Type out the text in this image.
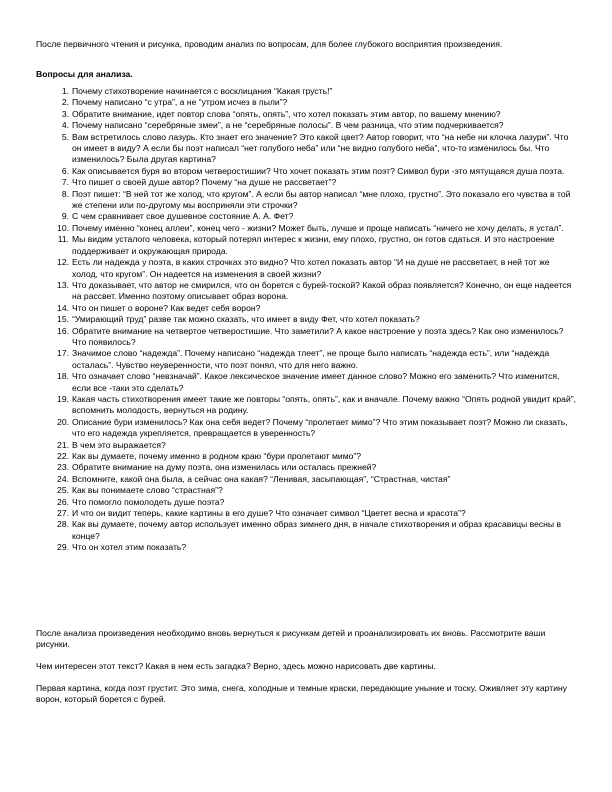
После первичного чтения и рисунка, проводим анализ по вопросам, для более глубокого восприятия произведения.

Вопросы для анализа.

1. Почему стихотворение начинается с восклицания “Какая грусть!”
2. Почему написано “с утра”, а не “утром исчез в пыли”?
3. Обратите внимание, идет повтор слова “опять, опять”, что хотел показать этим автор, по вашему мнению?
4. Почему написано “серебряные змеи”, а не “серебряные полосы”. В чем разница, что этим подчеркивается?
5. Вам встретилось слово лазурь. Кто знает его значение? Это какой цвет? Автор говорит, что “на небе ни клочка лазури”. Что он имеет в виду? А если бы поэт написал “нет голубого неба” или “не видно голубого неба”, что-то изменилось бы. Что изменилось? Была другая картина?
6. Как описывается буря во втором четверостишии? Что хочет показать этим поэт? Символ бури -это мятущаяся душа поэта.
7. Что пишет о своей душе автор? Почему “на душе не рассветает”?
8. Поэт пишет: “В ней тот же холод, что кругом”. А если бы автор написал “мне плохо, грустно”. Это показало его чувства в той же степени или по-другому мы восприняли эти строчки?
9. С чем сравнивает свое душевное состояние А. А. Фет?
10. Почему именно “конец аллеи”, конец чего - жизни? Может быть, лучше и проще написать “ничего не хочу делать, я устал”.
11. Мы видим усталого человека, который потерял интерес к жизни, ему плохо, грустно, он готов сдаться. И это настроение поддерживает и окружающая природа.
12. Есть ли надежда у поэта, в каких строчках это видно? Что хотел показать автор “И на душе не рассветает, в ней тот же холод, что кругом”. Он надеется на изменения в своей жизни?
13. Что доказывает, что автор не смирился, что он борется с бурей-тоской? Какой образ появляется? Конечно, он еще надеется на рассвет. Именно поэтому описывает образ ворона.
14. Что он пишет о вороне? Как ведет себя ворон?
15. “Умирающий труд” разве так можно сказать, что имеет в виду Фет, что хотел показать?
16. Обратите внимание на четвертое четверостишие. Что заметили? А какое настроение у поэта здесь? Как оно изменилось? Что появилось?
17. Значимое слово “надежда”. Почему написано “надежда тлеет”, не проще было написать “надежда есть”, или “надежда осталась”. Чувство неуверенности, что поэт понял, что для него важно.
18. Что означает слово “невзначай”. Какое лексическое значение имеет данное слово? Можно его заменить? Что изменится, если все -таки это сделать?
19. Какая часть стихотворения имеет такие же повторы “опять, опять”, как и вначале. Почему важно “Опять родной увидит край”, вспомнить молодость, вернуться на родину.
20. Описание бури изменилось? Как она себя ведет? Почему “пролетает мимо”? Что этим показывает поэт? Можно ли сказать, что его надежда укрепляется, превращается в уверенность?
21. В чем это выражается?
22. Как вы думаете, почему именно в родном краю “бури пролетают мимо”?
23. Обратите внимание на думу поэта, она изменилась или осталась прежней?
24. Вспомните, какой она была, а сейчас она какая? “Ленивая, засыпающая”, “Страстная, чистая”
25. Как вы понимаете слово “страстная”?
26. Что помогло помолодеть душе поэта?
27. И что он видит теперь, какие картины в его душе? Что означает символ “Цветет весна и красота”?
28. Как вы думаете, почему автор использует именно образ зимнего дня, в начале стихотворения и образ красавицы весны в конце?
29. Что он хотел этим показать?

После анализа произведения необходимо вновь вернуться к рисункам детей и проанализировать их вновь. Рассмотрите ваши рисунки.

Чем интересен этот текст? Какая в нем есть загадка? Верно, здесь можно нарисовать две картины.

Первая картина, когда поэт грустит. Это зима, снега, холодные и темные краски, передающие уныние и тоску. Оживляет эту картину ворон, который борется с бурей.
